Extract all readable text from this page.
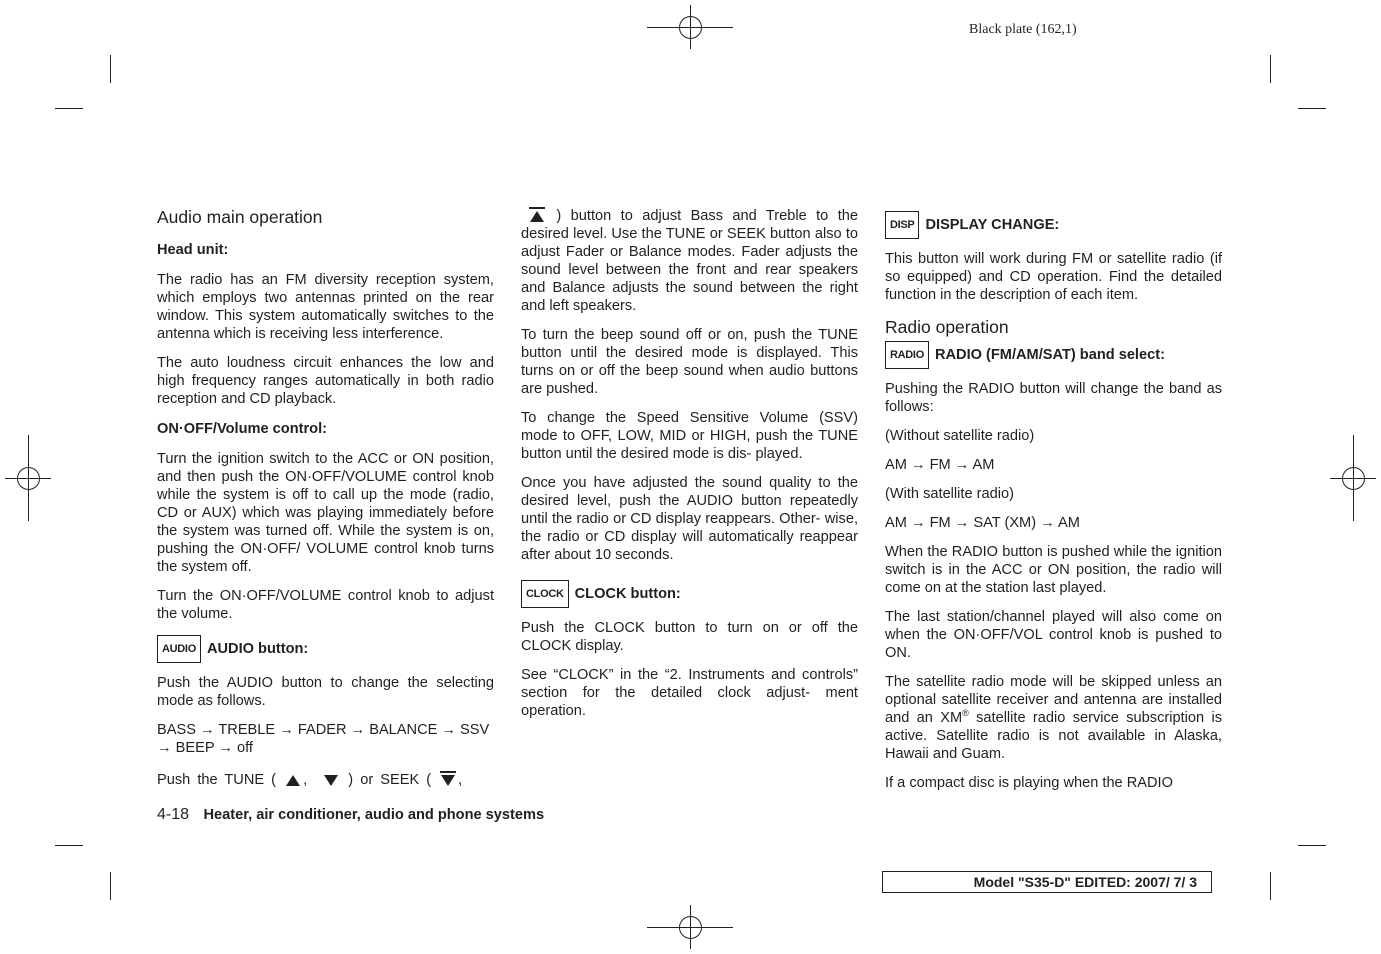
Black plate (162,1)
Audio main operation
Head unit:

The radio has an FM diversity reception system, which employs two antennas printed on the rear window. This system automatically switches to the antenna which is receiving less interference.

The auto loudness circuit enhances the low and high frequency ranges automatically in both radio reception and CD playback.

ON·OFF/Volume control:

Turn the ignition switch to the ACC or ON position, and then push the ON·OFF/VOLUME control knob while the system is off to call up the mode (radio, CD or AUX) which was playing immediately before the system was turned off. While the system is on, pushing the ON·OFF/ VOLUME control knob turns the system off.

Turn the ON·OFF/VOLUME control knob to adjust the volume.

AUDIO AUDIO button:

Push the AUDIO button to change the selecting mode as follows.

BASS → TREBLE → FADER → BALANCE → SSV → BEEP → off

Push the TUNE ( ,	) or SEEK ( ,

) button to adjust Bass and Treble to the desired level. Use the TUNE or SEEK button also to adjust Fader or Balance modes. Fader adjusts the sound level between the front and rear speakers and Balance adjusts the sound between the right and left speakers.

To turn the beep sound off or on, push the TUNE button until the desired mode is displayed. This turns on or off the beep sound when audio buttons are pushed.

To change the Speed Sensitive Volume (SSV) mode to OFF, LOW, MID or HIGH, push the TUNE button until the desired mode is dis- played.

Once you have adjusted the sound quality to the desired level, push the AUDIO button repeatedly until the radio or CD display reappears. Other- wise, the radio or CD display will automatically reappear after about 10 seconds.

CLOCK CLOCK button:

Push the CLOCK button to turn on or off the CLOCK display.

See “CLOCK” in the “2. Instruments and controls” section for the detailed clock adjust- ment operation.

DISP DISPLAY CHANGE:

This button will work during FM or satellite radio (if so equipped) and CD operation. Find the detailed function in the description of each item.

Radio operation
RADIO RADIO (FM/AM/SAT) band select:

Pushing the RADIO button will change the band as follows:

(Without satellite radio)

AM → FM → AM

(With satellite radio)

AM → FM → SAT (XM) → AM

When the RADIO button is pushed while the ignition switch is in the ACC or ON position, the radio will come on at the station last played.

The last station/channel played will also come on when the ON·OFF/VOL control knob is pushed to ON.

The satellite radio mode will be skipped unless an optional satellite receiver and antenna are installed and an XM® satellite radio service subscription is active. Satellite radio is not available in Alaska, Hawaii and Guam.

If a compact disc is playing when the RADIO

4-18 Heater, air conditioner, audio and phone systems
Model "S35-D" EDITED: 2007/ 7/ 3
